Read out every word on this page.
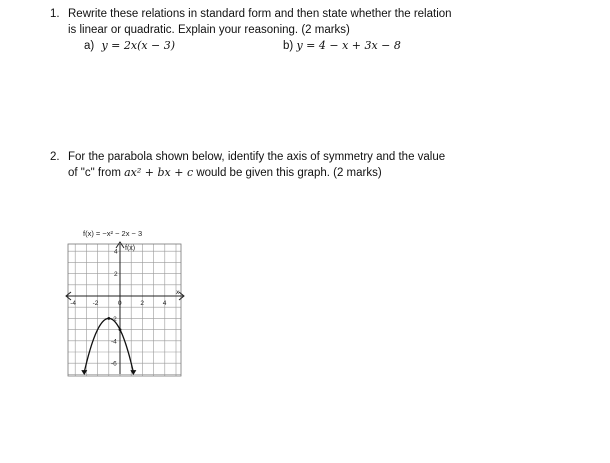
1. Rewrite these relations in standard form and then state whether the relation
is linear or quadratic. Explain your reasoning. (2 marks)
a) y = 2x(x − 3)	b) y = 4 − x + 3x − 8
2. For the parabola shown below, identify the axis of symmetry and the value
of "c" from ax² + bx + c would be given this graph. (2 marks)
f(x) = −x² − 2x − 3
f(x)
x
0
-4	-2	2	4
4
2
-2
-4
-6
